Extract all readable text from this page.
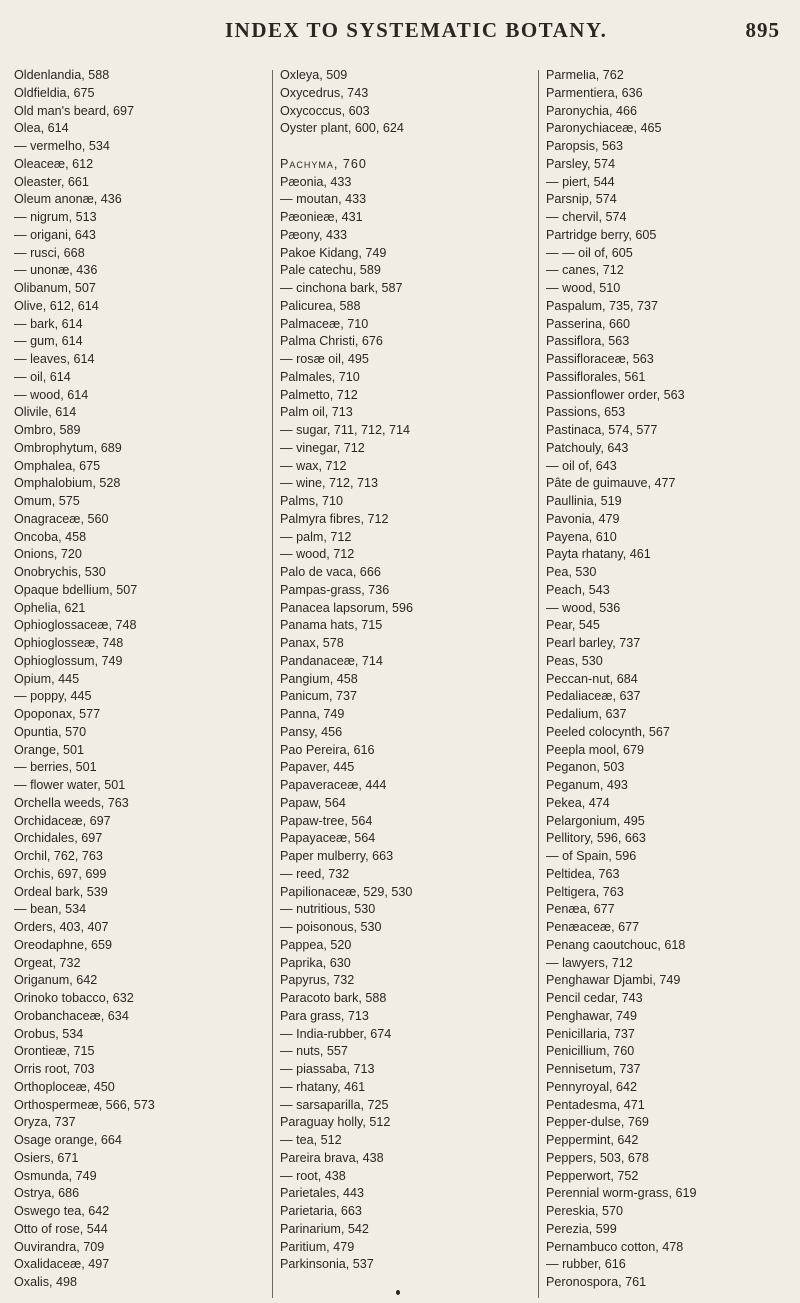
INDEX TO SYSTEMATIC BOTANY.	895
Oldenlandia, 588
Oldfieldia, 675
Old man's beard, 697
Olea, 614
— vermelho, 534
Oleaceæ, 612
Oleaster, 661
Oleum anonæ, 436
— nigrum, 513
— origani, 643
— rusci, 668
— unonæ, 436
Olibanum, 507
Olive, 612, 614
— bark, 614
— gum, 614
— leaves, 614
— oil, 614
— wood, 614
Olivile, 614
Ombro, 589
Ombrophytum, 689
Omphalea, 675
Omphalobium, 528
Omum, 575
Onagraceæ, 560
Oncoba, 458
Onions, 720
Onobrychis, 530
Opaque bdellium, 507
Ophelia, 621
Ophioglossaceæ, 748
Ophioglosseæ, 748
Ophioglossum, 749
Opium, 445
— poppy, 445
Opoponax, 577
Opuntia, 570
Orange, 501
— berries, 501
— flower water, 501
Orchella weeds, 763
Orchidaceæ, 697
Orchidales, 697
Orchil, 762, 763
Orchis, 697, 699
Ordeal bark, 539
— bean, 534
Orders, 403, 407
Oreodaphne, 659
Orgeat, 732
Origanum, 642
Orinoko tobacco, 632
Orobanchaceæ, 634
Orobus, 534
Orontieæ, 715
Orris root, 703
Orthoploceæ, 450
Orthospermeæ, 566, 573
Oryza, 737
Osage orange, 664
Osiers, 671
Osmunda, 749
Ostrya, 686
Oswego tea, 642
Otto of rose, 544
Ouvirandra, 709
Oxalidaceæ, 497
Oxalis, 498
Oxleya, 509
Oxycedrus, 743
Oxycoccus, 603
Oyster plant, 600, 624
Pachyma, 760
Pæonia, 433
— moutan, 433
Pæonieæ, 431
Pæony, 433
Pakoe Kidang, 749
Pale catechu, 589
— cinchona bark, 587
Palicurea, 588
Palmaceæ, 710
Palma Christi, 676
— rosæ oil, 495
Palmales, 710
Palmetto, 712
Palm oil, 713
— sugar, 711, 712, 714
— vinegar, 712
— wax, 712
— wine, 712, 713
Palms, 710
Palmyra fibres, 712
— palm, 712
— wood, 712
Palo de vaca, 666
Pampas-grass, 736
Panacea lapsorum, 596
Panama hats, 715
Panax, 578
Pandanaceæ, 714
Pangium, 458
Panicum, 737
Panna, 749
Pansy, 456
Pao Pereira, 616
Papaver, 445
Papaveraceæ, 444
Papaw, 564
Papaw-tree, 564
Papayaceæ, 564
Paper mulberry, 663
— reed, 732
Papilionaceæ, 529, 530
— nutritious, 530
— poisonous, 530
Pappea, 520
Paprika, 630
Papyrus, 732
Paracoto bark, 588
Para grass, 713
— India-rubber, 674
— nuts, 557
— piassaba, 713
— rhatany, 461
— sarsaparilla, 725
Paraguay holly, 512
— tea, 512
Pareira brava, 438
— root, 438
Parietales, 443
Parietaria, 663
Parinarium, 542
Paritium, 479
Parkinsonia, 537
Parmelia, 762
Parmentiera, 636
Paronychia, 466
Paronychiaceæ, 465
Paropsis, 563
Parsley, 574
— piert, 544
Parsnip, 574
— chervil, 574
Partridge berry, 605
— — oil of, 605
— canes, 712
— wood, 510
Paspalum, 735, 737
Passerina, 660
Passiflora, 563
Passifloraceæ, 563
Passiflorales, 561
Passionflower order, 563
Passions, 653
Pastinaca, 574, 577
Patchouly, 643
— oil of, 643
Pâte de guimauve, 477
Paullinia, 519
Pavonia, 479
Payena, 610
Payta rhatany, 461
Pea, 530
Peach, 543
— wood, 536
Pear, 545
Pearl barley, 737
Peas, 530
Peccan-nut, 684
Pedaliaceæ, 637
Pedalium, 637
Peeled colocynth, 567
Peepla mool, 679
Peganon, 503
Peganum, 493
Pekea, 474
Pelargonium, 495
Pellitory, 596, 663
— of Spain, 596
Peltidea, 763
Peltigera, 763
Penæa, 677
Penæaceæ, 677
Penang caoutchouc, 618
— lawyers, 712
Penghawar Djambi, 749
Pencil cedar, 743
Penghawar, 749
Penicillaria, 737
Penicillium, 760
Pennisetum, 737
Pennyroyal, 642
Pentadesma, 471
Pepper-dulse, 769
Peppermint, 642
Peppers, 503, 678
Pepperwort, 752
Perennial worm-grass, 619
Pereskia, 570
Perezia, 599
Pernambuco cotton, 478
— rubber, 616
Peronospora, 761
